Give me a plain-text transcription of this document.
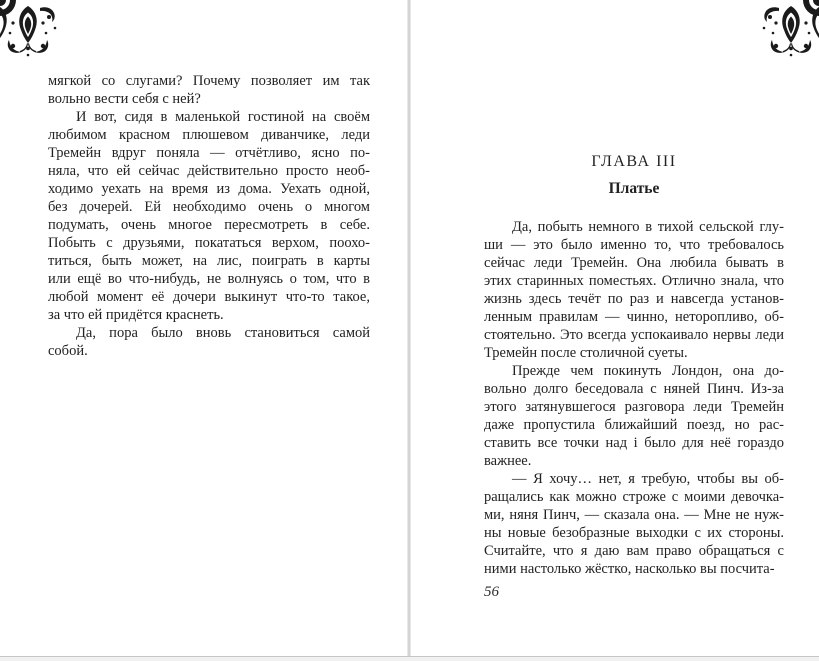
мягкой со слугами? Почему позволяет им так
вольно вести себя с ней?
И вот, сидя в маленькой гостиной на своём
любимом красном плюшевом диванчике, леди
Тремейн вдруг поняла — отчётливо, ясно по-
няла, что ей сейчас действительно просто необ-
ходимо уехать на время из дома. Уехать одной,
без дочерей. Ей необходимо очень о многом
подумать, очень многое пересмотреть в себе.
Побыть с друзьями, покататься верхом, поохо-
титься, быть может, на лис, поиграть в карты
или ещё во что-нибудь, не волнуясь о том, что в
любой момент её дочери выкинут что-то такое,
за что ей придётся краснеть.
Да, пора было вновь становиться самой
собой.
ГЛАВА III
Платье
Да, побыть немного в тихой сельской глу-
ши — это было именно то, что требовалось
сейчас леди Тремейн. Она любила бывать в
этих старинных поместьях. Отлично знала, что
жизнь здесь течёт по раз и навсегда установ-
ленным правилам — чинно, неторопливо, об-
стоятельно. Это всегда успокаивало нервы леди
Тремейн после столичной суеты.
Прежде чем покинуть Лондон, она до-
вольно долго беседовала с няней Пинч. Из-за
этого затянувшегося разговора леди Тремейн
даже пропустила ближайший поезд, но рас-
ставить все точки над i было для неё гораздо
важнее.
— Я хочу… нет, я требую, чтобы вы об-
ращались как можно строже с моими девочка-
ми, няня Пинч, — сказала она. — Мне не нуж-
ны новые безобразные выходки с их стороны.
Считайте, что я даю вам право обращаться с
ними настолько жёстко, насколько вы посчита-
56
